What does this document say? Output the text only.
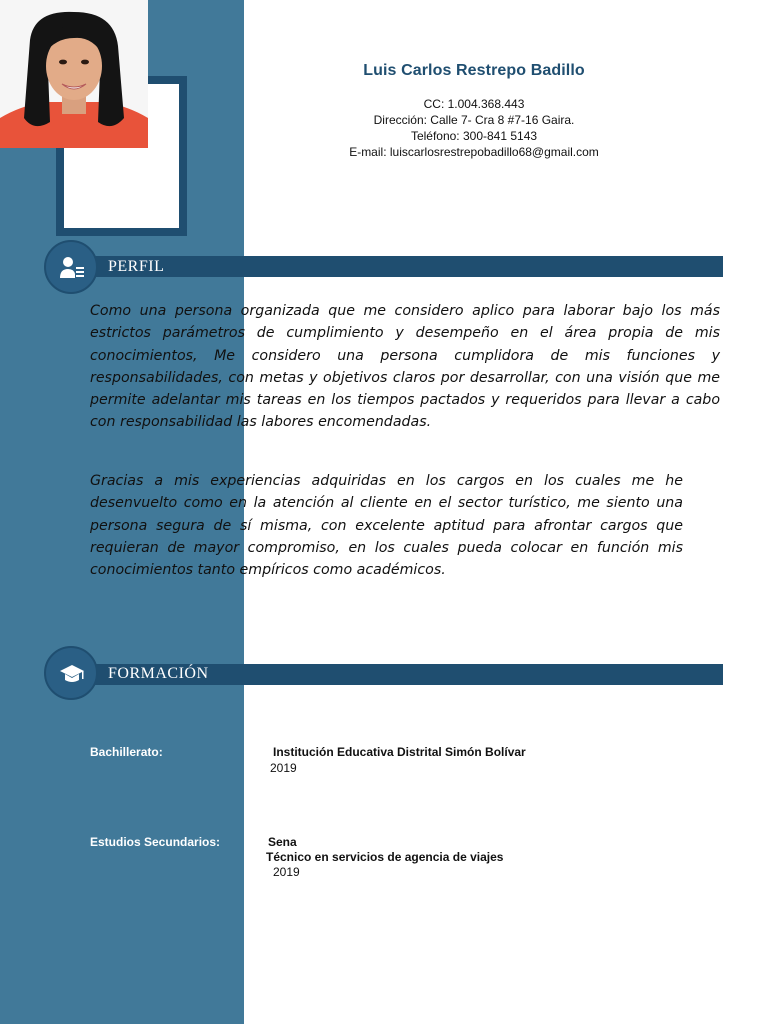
Luis Carlos Restrepo Badillo
CC: 1.004.368.443
Dirección: Calle 7- Cra 8 #7-16 Gaira.
Teléfono: 300-841 5143
E-mail: luiscarlosrestrepobadillo68@gmail.com
PERFIL

Como una persona organizada que me considero aplico para laborar bajo los más estrictos parámetros de cumplimiento y desempeño en el área propia de mis conocimientos, Me considero una persona cumplidora de mis funciones y responsabilidades, con metas y objetivos claros por desarrollar, con una visión que me permite adelantar mis tareas en los tiempos pactados y requeridos para llevar a cabo con responsabilidad las labores encomendadas.

Gracias a mis experiencias adquiridas en los cargos en los cuales me he desenvuelto como en la atención al cliente en el sector turístico, me siento una persona segura de sí misma, con excelente aptitud para afrontar cargos que requieran de mayor compromiso, en los cuales pueda colocar en función mis conocimientos tanto empíricos como académicos.

FORMACIÓN
Bachillerato:	Institución Educativa Distrital Simón Bolívar
2019
Estudios Secundarios:	Sena
Técnico en servicios de agencia de viajes
2019
